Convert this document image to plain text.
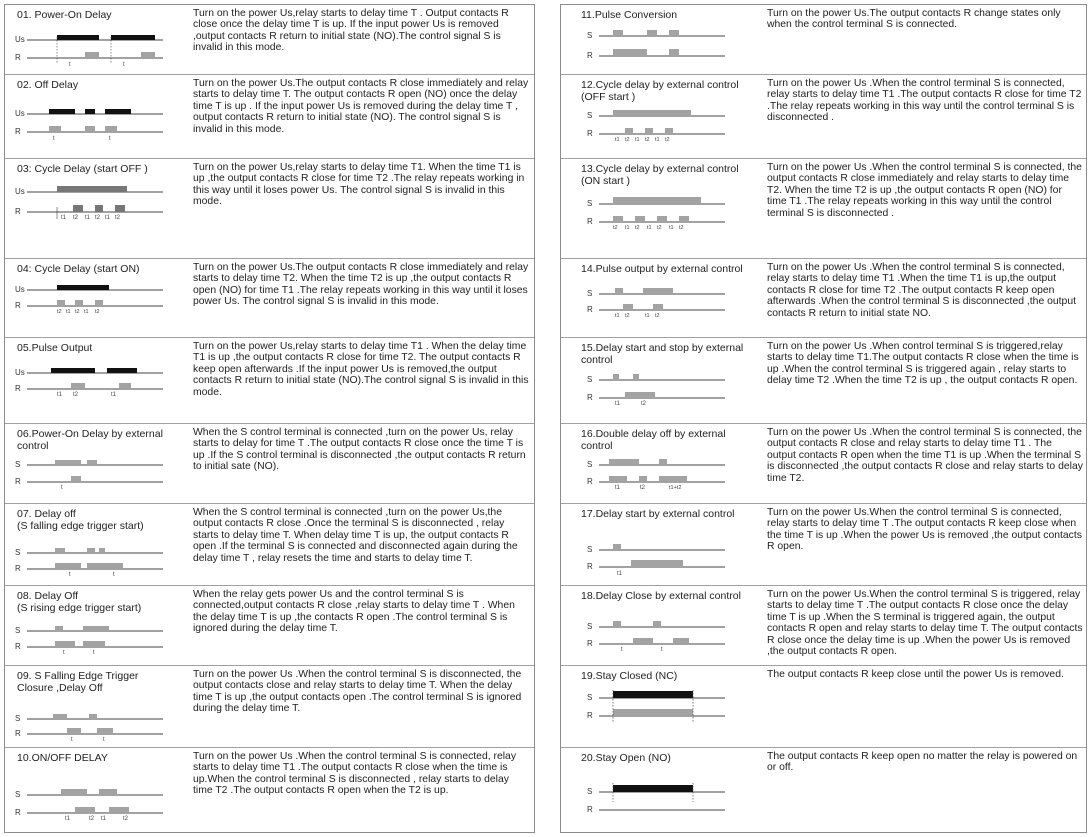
01. Power-On Delay	Turn on the power Us,relay starts to delay time T . Output contacts R close once the delay time T is up. If the input power Us is removed ,output contacts R return to initial state (NO).The control signal S is invalid in this mode.
Us
R
t	t
02. Off Delay	Turn on the power Us.The output contacts R close immediately and relay starts to delay time T. The output contacts R open (NO) once the delay time T is up . If the input power Us is removed during the delay time T , output contacts R return to initial state (NO). The control signal S is invalid in this mode.
Us
R
t	t
03: Cycle Delay (start OFF )	Turn on the power Us,relay starts to delay time T1. When the time T1 is up ,the output contacts R close for time T2 .The relay repeats working in this way until it loses power Us. The control signal S is invalid in this mode.
Us
R
t1 t2 t1 t2 t1 t2
04: Cycle Delay (start ON)	Turn on the power Us.The output contacts R close immediately and relay starts to delay time T2. When the time T2 is up ,the output contacts R open (NO) for time T1 .The relay repeats working in this way until it loses power Us. The control signal S is invalid in this mode.
Us
R
t2 t1 t2 t1 t2
05.Pulse Output	Turn on the power Us,relay starts to delay time T1 . When the delay time T1 is up ,the output contacts R close for time T2. The output contacts R keep open afterwards .If the input power Us is removed,the output contacts R return to initial state (NO).The control signal S is invalid in this mode.
Us
R
t1 t2	t1
06.Power-On Delay by external
control
When the S control terminal is connected ,turn on the power Us, relay starts to delay for time T .The output contacts R close once the time T is up .If the S control terminal is disconnected ,the output contacts R return to initial sate (NO).
S
R
t
07. Delay off
(S falling edge trigger start)
When the S control terminal is connected ,turn on the power Us,the output contacts R close .Once the terminal S is disconnected , relay starts to delay time T. When delay time T is up, the output contacts R open .If the terminal S is connected and disconnected again during the delay time T , relay resets the time and starts to delay time T.
S
R
t	t
08. Delay Off
(S rising edge trigger start)
When the relay gets power Us and the control terminal S is connected,output contacts R close ,relay starts to delay time T . When the delay time T is up ,the contacts R open .The control terminal S is ignored during the delay time T.
S
R
t	t
09. S Falling Edge Trigger
Closure ,Delay Off
Turn on the power Us .When the control terminal S is disconnected, the output contacts close and relay starts to delay time T. When the delay time T is up ,the output contacts open .The control terminal S is ignored during the delay time T.
S
R
t	t
10.ON/OFF DELAY	Turn on the power Us .When the control terminal S is connected, relay starts to delay time T1 .The output contacts R close when the time is up.When the control terminal S is disconnected , relay starts to delay time T2 .The output contacts R open when the T2 is up.
S
R
t1	t2 t1	t2
11.Pulse Conversion	Turn on the power Us.The output contacts R change states only when the control terminal S is connected.
S
R
12.Cycle delay by external control
(OFF start )
Turn on the power Us .When the control terminal S is connected, relay starts to delay time T1 .The output contacts R close for time T2 .The relay repeats working in this way until the control terminal S is disconnected .
S
R
t1 t2 t1 t2 t1 t2
13.Cycle delay by external control
(ON start )
Turn on the power Us .When the control terminal S is connected, the output contacts R close immediately and relay starts to delay time T2. When the time T2 is up ,the output contacts R open (NO) for time T1 .The relay repeats working in this way until the control terminal S is disconnected .
S
R
t2 t1 t2 t1 t2 t1 t2
14.Pulse output by external control	Turn on the power Us .When the control terminal S is connected, relay starts to delay time T1 .When the time T1 is up,the output contacts R close for time T2 .The output contacts R keep open afterwards .When the control terminal S is disconnected ,the output contacts R return to initial state NO.
S
R
t1 t2	t1 t2
15.Delay start and stop by external
control
Turn on the power Us .When control terminal S is triggered,relay starts to delay time T1.The output contacts R close when the time is up .When the control terminal S is triggered again , relay starts to delay time T2 .When the time T2 is up , the output contacts R open.
S
R
t1	t2
16.Double delay off by external
control
Turn on the power Us .When the control terminal S is connected, the output contacts R close and relay starts to delay time T1 . The output contacts R open when the time T1 is up .When the terminal S is disconnected ,the output contacts R close and relay starts to delay time T2.
S
R
t1	t2	t1+t2
17.Delay start by external control	Turn on the power Us.When the control terminal S is connected, relay starts to delay time T .The output contacts R keep close when the time T is up .When the power Us is removed ,the output contacts R open.
S
R
t1
18.Delay Close by external control	Turn on the power Us.When the control terminal S is triggered, relay starts to delay time T .The output contacts R close once the delay time T is up .When the S terminal is triggered again, the output contacts R open and relay starts to delay time T. The output contacts R close once the delay time is up .When the power Us is removed ,the output contacts R open.
S
R
t	t
19.Stay Closed (NC)	The output contacts R keep close until the power Us is removed.
S
R
20.Stay Open (NO)	The output contacts R keep open no matter the relay is powered on or off.
S
R
